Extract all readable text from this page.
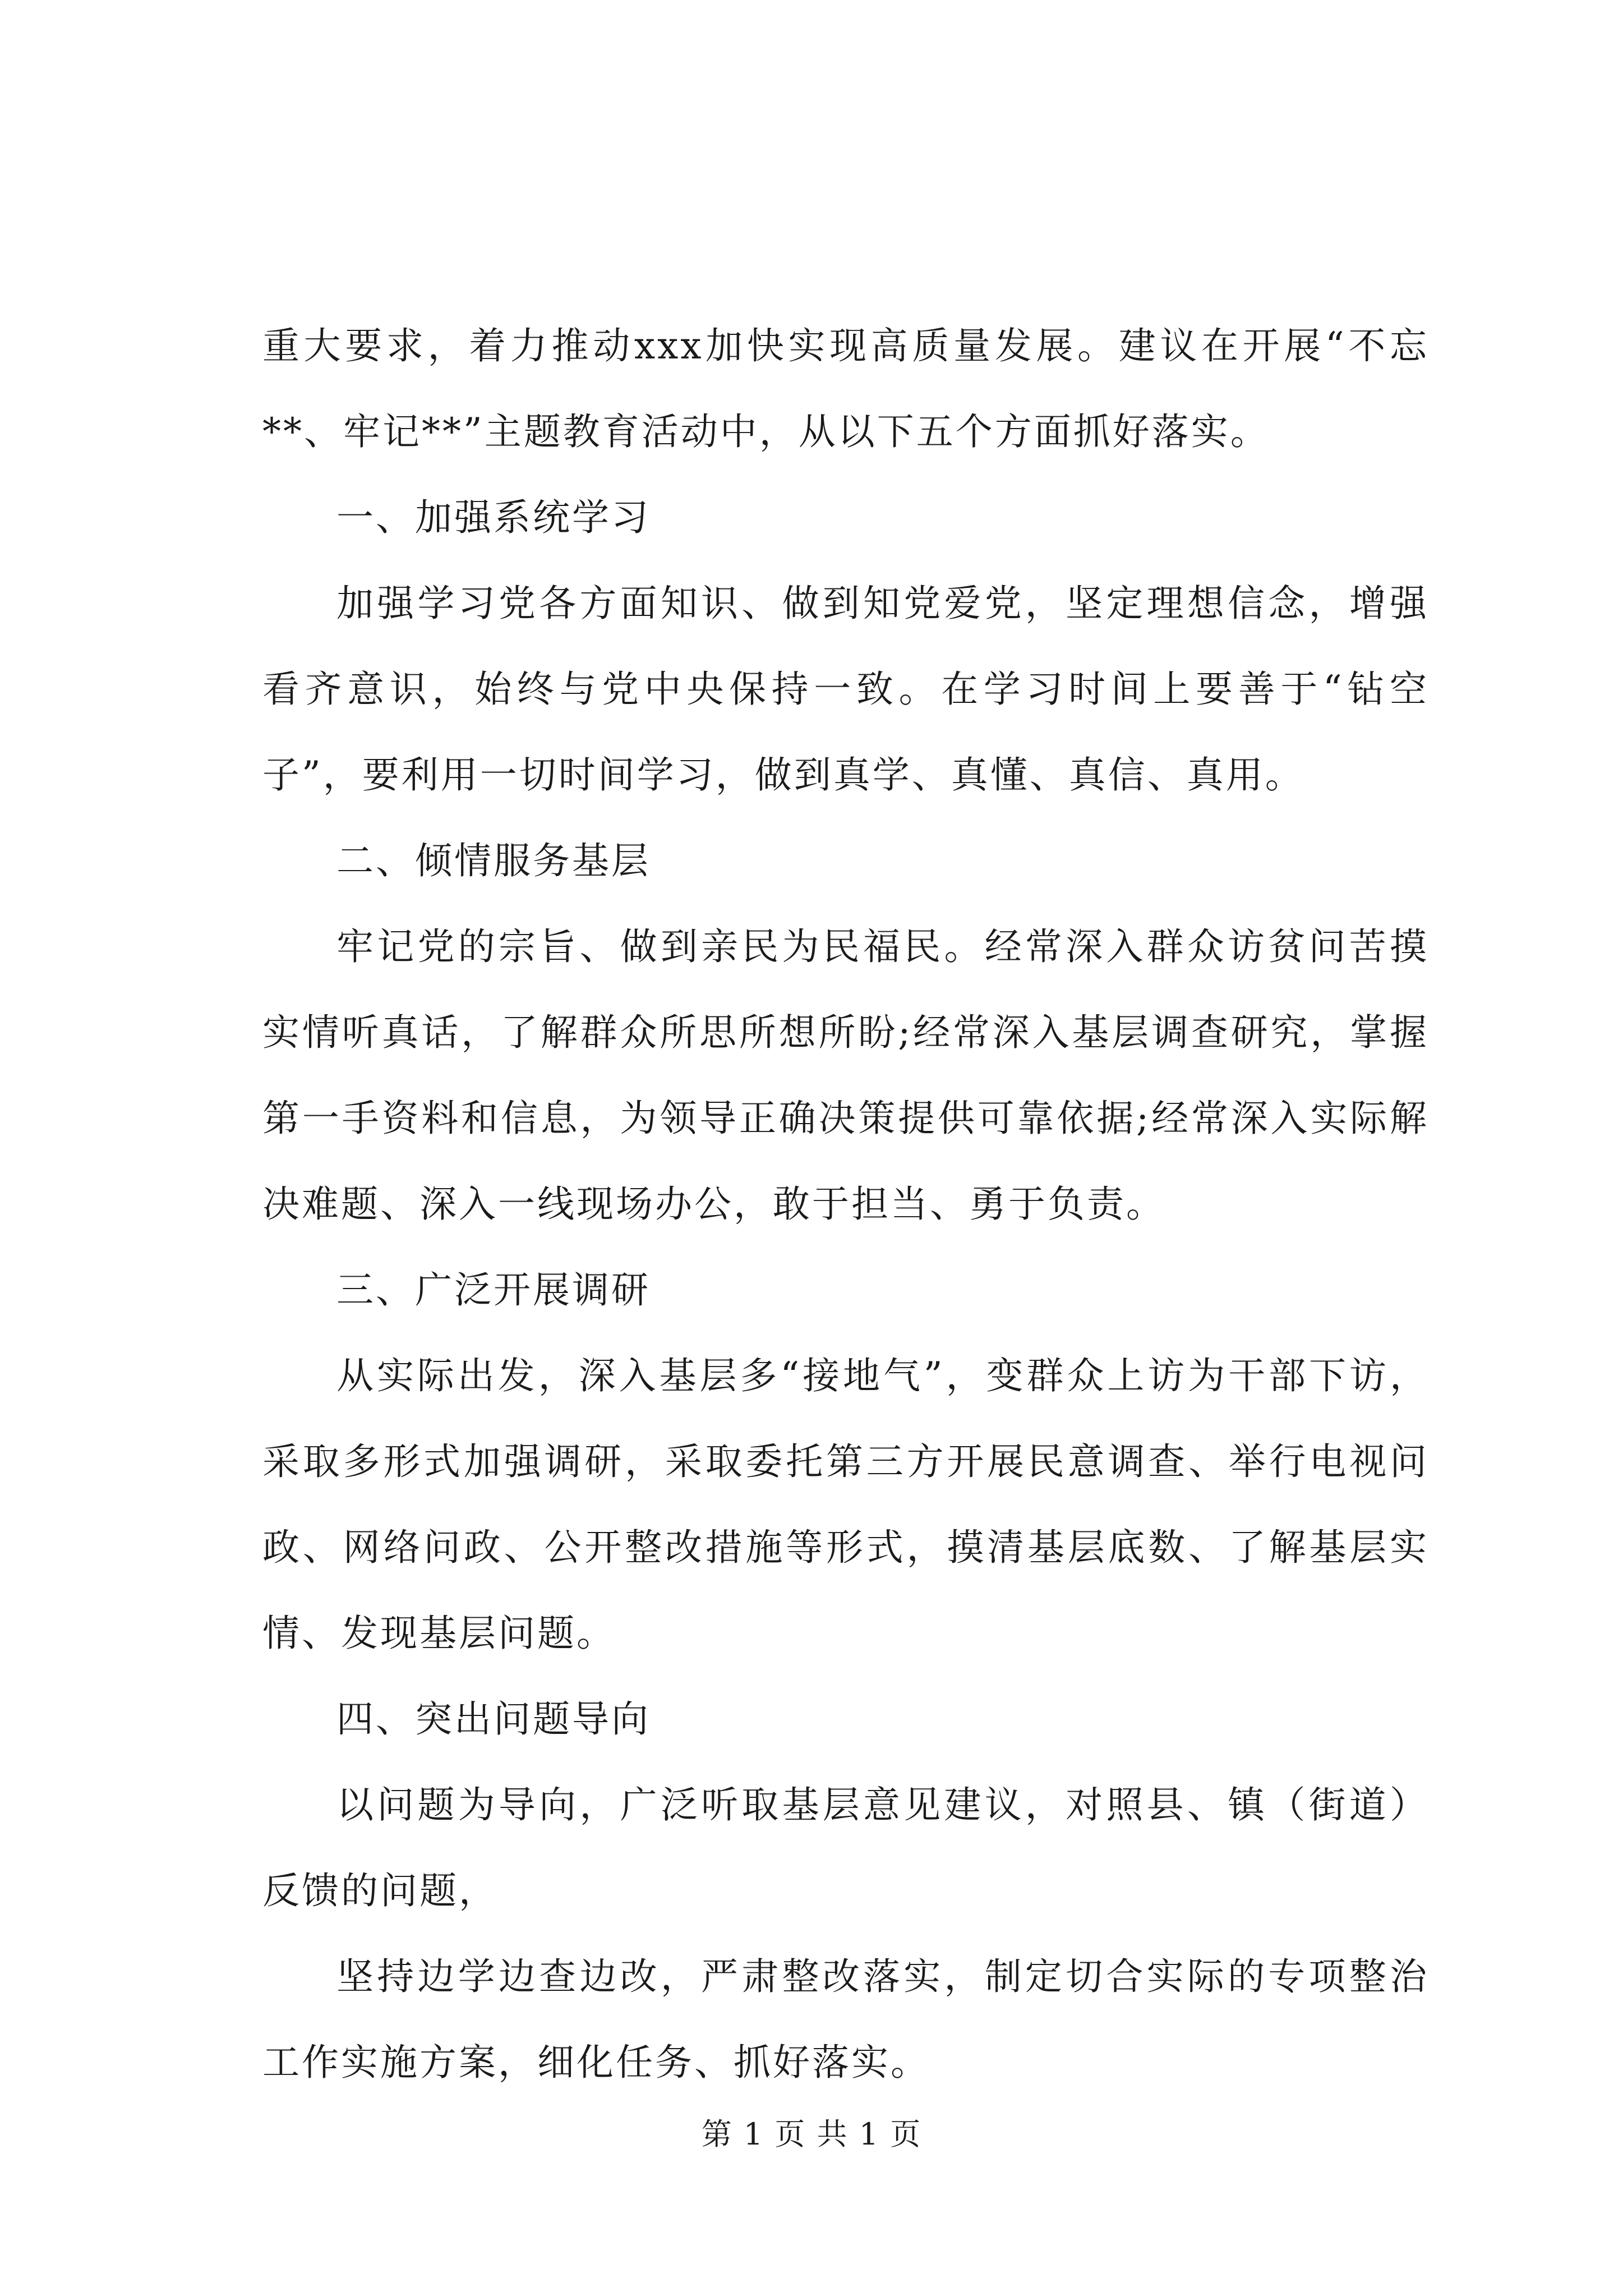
重大要求，着力推动xxx加快实现高质量发展。建议在开展“不忘**、牢记**”主题教育活动中，从以下五个方面抓好落实。

一、加强系统学习

加强学习党各方面知识、做到知党爱党，坚定理想信念，增强看齐意识，始终与党中央保持一致。在学习时间上要善于“钻空子”，要利用一切时间学习，做到真学、真懂、真信、真用。

二、倾情服务基层

牢记党的宗旨、做到亲民为民福民。经常深入群众访贫问苦摸实情听真话，了解群众所思所想所盼;经常深入基层调查研究，掌握第一手资料和信息，为领导正确决策提供可靠依据;经常深入实际解决难题、深入一线现场办公，敢于担当、勇于负责。

三、广泛开展调研

从实际出发，深入基层多“接地气”，变群众上访为干部下访，采取多形式加强调研，采取委托第三方开展民意调查、举行电视问政、网络问政、公开整改措施等形式，摸清基层底数、了解基层实情、发现基层问题。

四、突出问题导向

以问题为导向，广泛听取基层意见建议，对照县、镇（街道）反馈的问题，

坚持边学边查边改，严肃整改落实，制定切合实际的专项整治工作实施方案，细化任务、抓好落实。

第 1 页 共 1 页
